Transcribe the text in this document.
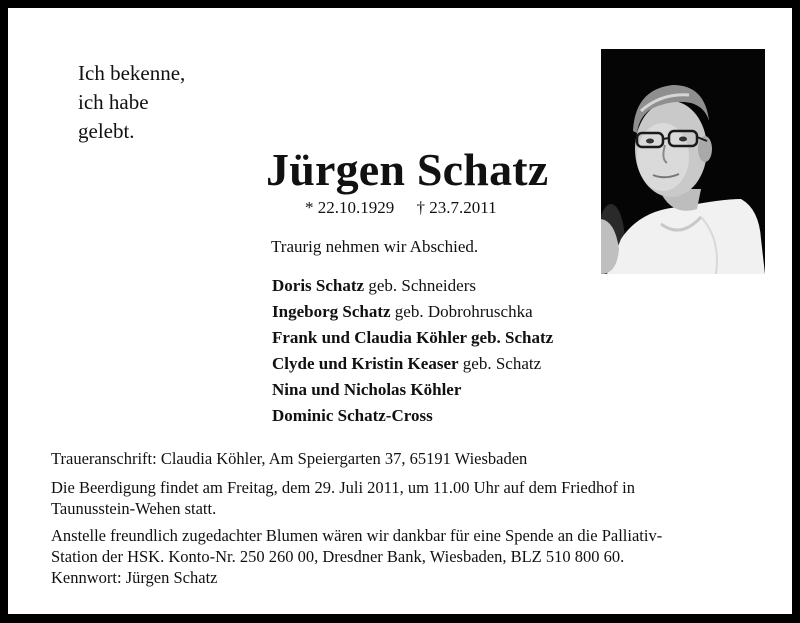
Ich bekenne,
ich habe
gelebt.

Jürgen Schatz
* 22.10.1929 † 23.7.2011

Traurig nehmen wir Abschied.

Doris Schatz geb. Schneiders
Ingeborg Schatz geb. Dobrohruschka
Frank und Claudia Köhler geb. Schatz
Clyde und Kristin Keaser geb. Schatz
Nina und Nicholas Köhler
Dominic Schatz-Cross

Traueranschrift: Claudia Köhler, Am Speiergarten 37, 65191 Wiesbaden

Die Beerdigung findet am Freitag, dem 29. Juli 2011, um 11.00 Uhr auf dem Friedhof in
Taunusstein-Wehen statt.

Anstelle freundlich zugedachter Blumen wären wir dankbar für eine Spende an die Palliativ-
Station der HSK. Konto-Nr. 250 260 00, Dresdner Bank, Wiesbaden, BLZ 510 800 60.
Kennwort: Jürgen Schatz
